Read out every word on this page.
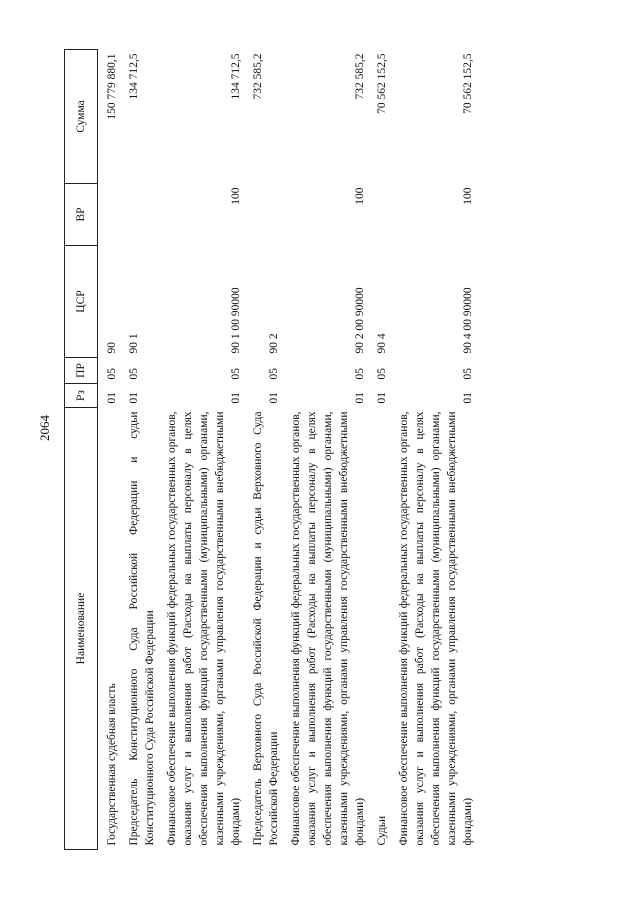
2064
Наименование	Рз	ПР	ЦСР	ВР	Сумма
Государственная судебная власть	01	05	90		150 779 880,1
Председатель Конституционного Суда Российской Федерации и судьи Конституционного Суда Российской Федерации	01	05	90 1		134 712,5
Финансовое обеспечение выполнения функций федеральных государственных органов, оказания услуг и выполнения работ (Расходы на выплаты персоналу в целях обеспечения выполнения функций государственными (муниципальными) органами, казенными учреждениями, органами управления государственными внебюджетными фондами)	01	05	90 1 00 90000	100	134 712,5
Председатель Верховного Суда Российской Федерации и судьи Верховного Суда Российской Федерации	01	05	90 2		732 585,2
Финансовое обеспечение выполнения функций федеральных государственных органов, оказания услуг и выполнения работ (Расходы на выплаты персоналу в целях обеспечения выполнения функций государственными (муниципальными) органами, казенными учреждениями, органами управления государственными внебюджетными фондами)	01	05	90 2 00 90000	100	732 585,2
Судьи	01	05	90 4		70 562 152,5
Финансовое обеспечение выполнения функций федеральных государственных органов, оказания услуг и выполнения работ (Расходы на выплаты персоналу в целях обеспечения выполнения функций государственными (муниципальными) органами, казенными учреждениями, органами управления государственными внебюджетными фондами)	01	05	90 4 00 90000	100	70 562 152,5
